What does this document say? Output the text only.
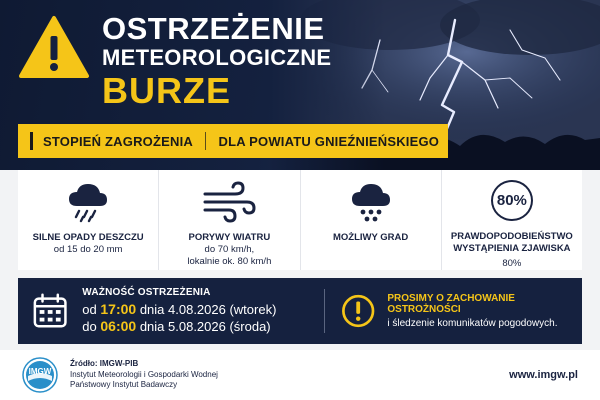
OSTRZEŻENIE
METEOROLOGICZNE
BURZE
STOPIEŃ ZAGROŻENIA DLA POWIATU GNIEŹNIEŃSKIEGO
SILNE OPADY DESZCZU
od 15 do 20 mm
PORYWY WIATRU
do 70 km/h,
lokalnie ok. 80 km/h
MOŻLIWY GRAD
80%
PRAWDOPODOBIEŃSTWO
WYSTĄPIENIA ZJAWISKA
80%
WAŻNOŚĆ OSTRZEŻENIA
od 17:00 dnia 4.08.2026 (wtorek)
do 06:00 dnia 5.08.2026 (środa)
PROSIMY O ZACHOWANIE OSTROŻNOŚCI
i śledzenie komunikatów pogodowych.
IMGW
Źródło: IMGW-PIB
Instytut Meteorologii i Gospodarki Wodnej
Państwowy Instytut Badawczy
www.imgw.pl
